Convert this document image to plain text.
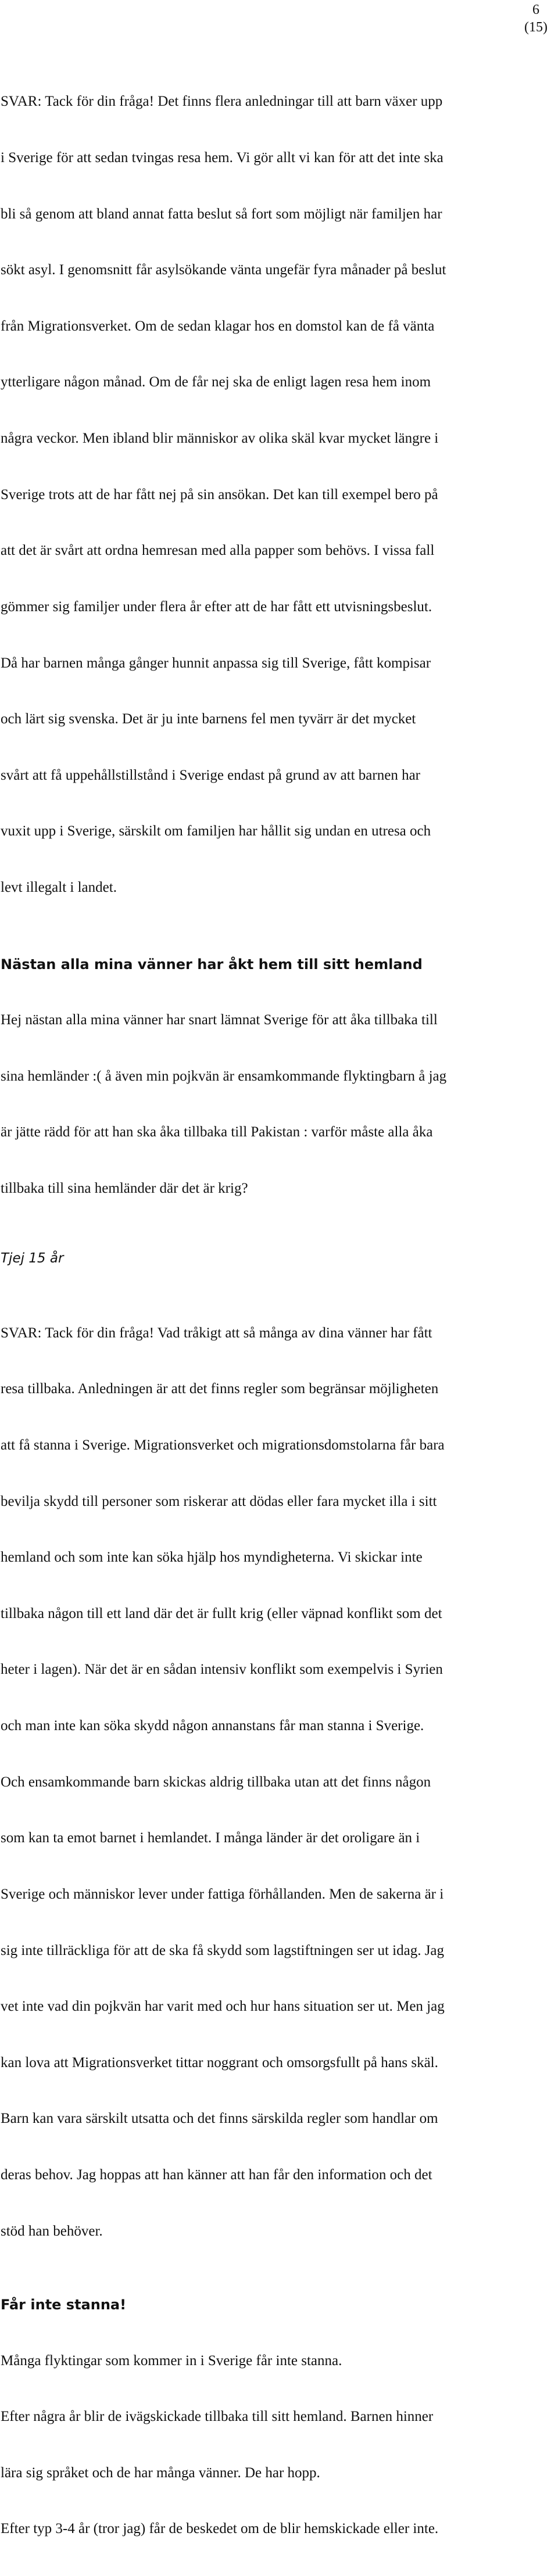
6
(15)

SVAR: Tack för din fråga! Det finns flera anledningar till att barn växer upp

i Sverige för att sedan tvingas resa hem. Vi gör allt vi kan för att det inte ska

bli så genom att bland annat fatta beslut så fort som möjligt när familjen har

sökt asyl. I genomsnitt får asylsökande vänta ungefär fyra månader på beslut

från Migrationsverket. Om de sedan klagar hos en domstol kan de få vänta

ytterligare någon månad. Om de får nej ska de enligt lagen resa hem inom

några veckor. Men ibland blir människor av olika skäl kvar mycket längre i

Sverige trots att de har fått nej på sin ansökan. Det kan till exempel bero på

att det är svårt att ordna hemresan med alla papper som behövs. I vissa fall

gömmer sig familjer under flera år efter att de har fått ett utvisningsbeslut.

Då har barnen många gånger hunnit anpassa sig till Sverige, fått kompisar

och lärt sig svenska. Det är ju inte barnens fel men tyvärr är det mycket

svårt att få uppehållstillstånd i Sverige endast på grund av att barnen har

vuxit upp i Sverige, särskilt om familjen har hållit sig undan en utresa och

levt illegalt i landet.

Nästan alla mina vänner har åkt hem till sitt hemland

Hej nästan alla mina vänner har snart lämnat Sverige för att åka tillbaka till

sina hemländer :( å även min pojkvän är ensamkommande flyktingbarn å jag

är jätte rädd för att han ska åka tillbaka till Pakistan : varför måste alla åka

tillbaka till sina hemländer där det är krig?

Tjej 15 år

SVAR: Tack för din fråga! Vad tråkigt att så många av dina vänner har fått

resa tillbaka. Anledningen är att det finns regler som begränsar möjligheten

att få stanna i Sverige. Migrationsverket och migrationsdomstolarna får bara

bevilja skydd till personer som riskerar att dödas eller fara mycket illa i sitt

hemland och som inte kan söka hjälp hos myndigheterna. Vi skickar inte

tillbaka någon till ett land där det är fullt krig (eller väpnad konflikt som det

heter i lagen). När det är en sådan intensiv konflikt som exempelvis i Syrien

och man inte kan söka skydd någon annanstans får man stanna i Sverige.

Och ensamkommande barn skickas aldrig tillbaka utan att det finns någon

som kan ta emot barnet i hemlandet. I många länder är det oroligare än i

Sverige och människor lever under fattiga förhållanden. Men de sakerna är i

sig inte tillräckliga för att de ska få skydd som lagstiftningen ser ut idag. Jag

vet inte vad din pojkvän har varit med och hur hans situation ser ut. Men jag

kan lova att Migrationsverket tittar noggrant och omsorgsfullt på hans skäl.

Barn kan vara särskilt utsatta och det finns särskilda regler som handlar om

deras behov. Jag hoppas att han känner att han får den information och det

stöd han behöver.

Får inte stanna!

Många flyktingar som kommer in i Sverige får inte stanna.

Efter några år blir de ivägskickade tillbaka till sitt hemland. Barnen hinner

lära sig språket och de har många vänner. De har hopp.

Efter typ 3-4 år (tror jag) får de beskedet om de blir hemskickade eller inte.
